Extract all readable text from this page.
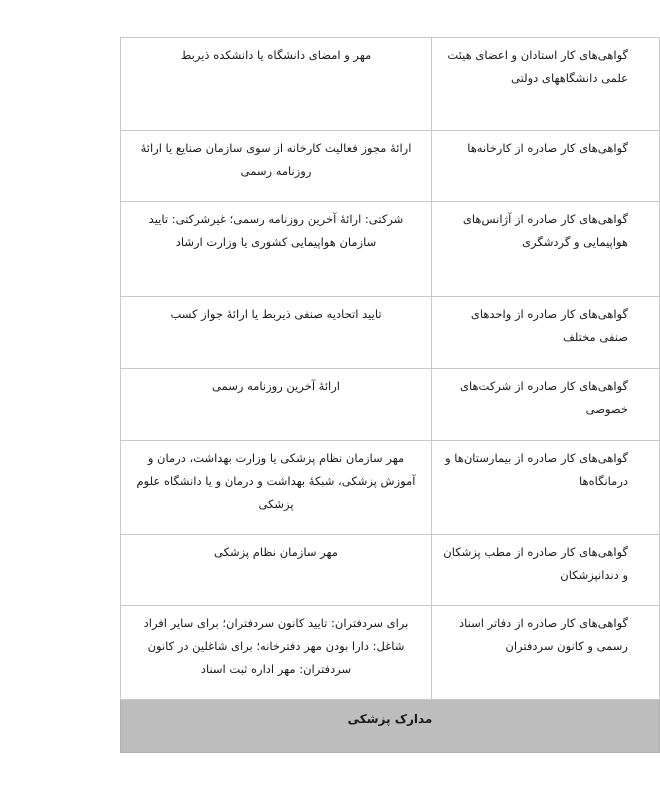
گواهی‌های کار استادان و اعضای هیئت علمی دانشگاههای دولتی	مهر و امضای دانشگاه یا دانشکده ذیربط
گواهی‌های کار صادره از کارخانه‌ها	ارائهٔ مجوز فعالیت کارخانه از سوی سازمان صنایع یا ارائهٔ روزنامه رسمی
گواهی‌های کار صادره از آژانس‌های هواپیمایی و گردشگری	شرکتی: ارائهٔ آخرین روزنامه رسمی؛ غیرشرکتی: تایید سازمان هواپیمایی کشوری یا وزارت ارشاد
گواهی‌های کار صادره از واحدهای صنفی مختلف	تایید اتحادیه صنفی ذیربط یا ارائهٔ جواز کسب
گواهی‌های کار صادره از شرکت‌های خصوصی	ارائهٔ آخرین روزنامه رسمی
گواهی‌های کار صادره از بیمارستان‌ها و درمانگاه‌ها	مهر سازمان نظام پزشکی یا وزارت بهداشت، درمان و آموزش پزشکی، شبکهٔ بهداشت و درمان و یا دانشگاه علوم پزشکی
گواهی‌های کار صادره از مطب پزشکان و دندانپزشکان	مهر سازمان نظام پزشکی
گواهی‌های کار صادره از دفاتر اسناد رسمی و کانون سردفتران	برای سردفتران: تایید کانون سردفتران؛ برای سایر افراد شاغل: دارا بودن مهر دفترخانه؛ برای شاغلین در کانون سردفتران: مهر اداره ثبت اسناد
مدارک پزشکی	
